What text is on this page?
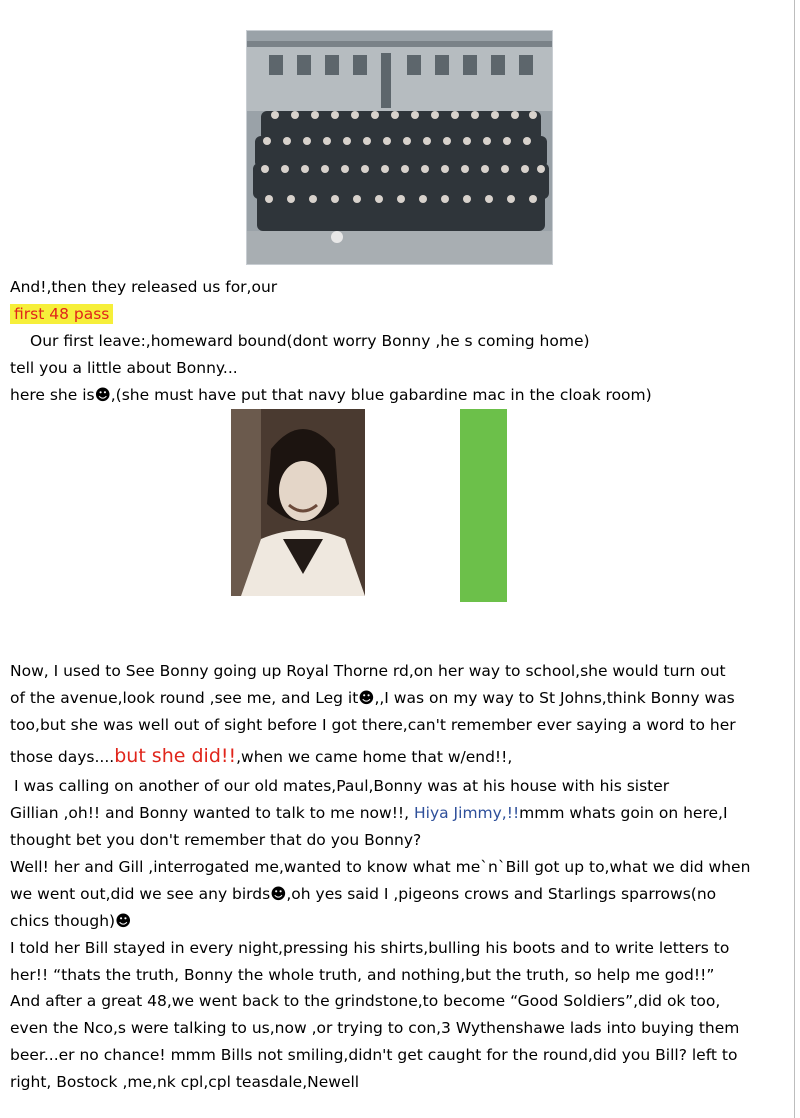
And!,then they released us for,our
first 48 pass
Our first leave:,homeward bound(dont worry Bonny ,he s coming home)
tell you a little about Bonny...
here she is☻,(she must have put that navy blue gabardine mac in the cloak room)
Now, I used to See Bonny going up Royal Thorne rd,on her way to school,she would turn out
of the avenue,look round ,see me, and Leg it☻,,I was on my way to St Johns,think Bonny was
too,but she was well out of sight before I got there,can't remember ever saying a word to her
those days....but she did!!,when we came home that w/end!!,
I was calling on another of our old mates,Paul,Bonny was at his house with his sister
Gillian ,oh!! and Bonny wanted to talk to me now!!, Hiya Jimmy,!!mmm whats goin on here,I
thought bet you don't remember that do you Bonny?
Well! her and Gill ,interrogated me,wanted to know what me`n`Bill got up to,what we did when
we went out,did we see any birds☻,oh yes said I ,pigeons crows and Starlings sparrows(no
chics though)☻
I told her Bill stayed in every night,pressing his shirts,bulling his boots and to write letters to
her!! “thats the truth, Bonny the whole truth, and nothing,but the truth, so help me god!!”
And after a great 48,we went back to the grindstone,to become “Good Soldiers”,did ok too,
even the Nco,s were talking to us,now ,or trying to con,3 Wythenshawe lads into buying them
beer...er no chance! mmm Bills not smiling,didn't get caught for the round,did you Bill? left to
right, Bostock ,me,nk cpl,cpl teasdale,Newell
